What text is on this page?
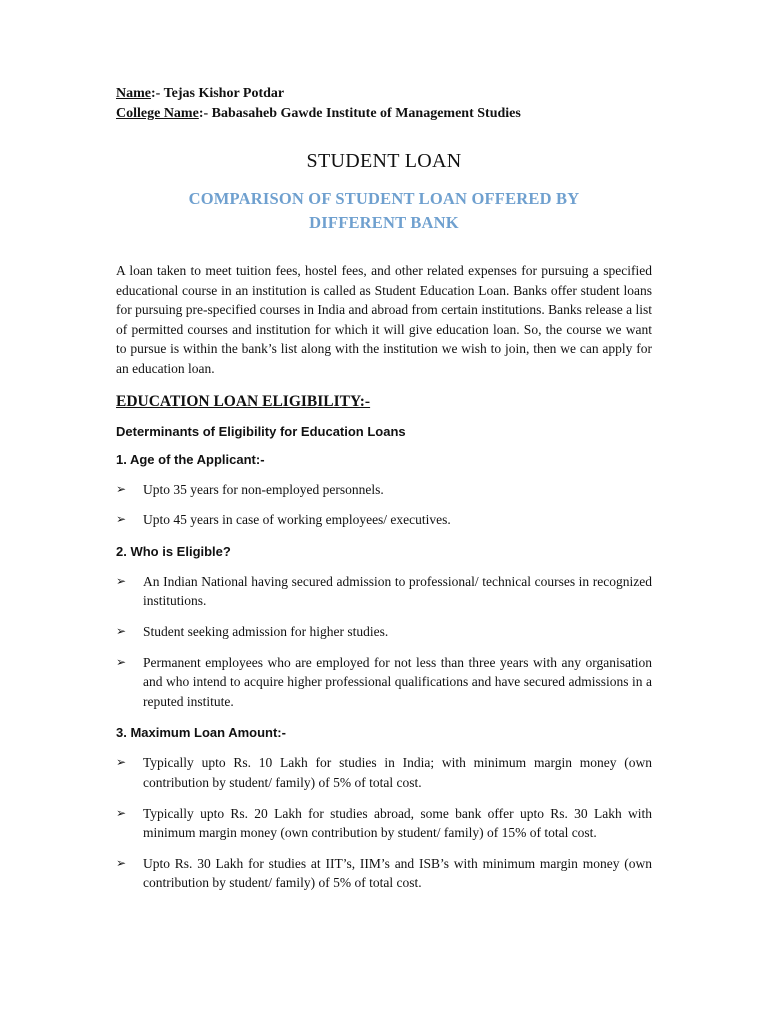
Name:- Tejas Kishor Potdar

College Name:- Babasaheb Gawde Institute of Management Studies

STUDENT LOAN
COMPARISON OF STUDENT LOAN OFFERED BY
DIFFERENT BANK

A loan taken to meet tuition fees, hostel fees, and other related expenses for pursuing a specified educational course in an institution is called as Student Education Loan. Banks offer student loans for pursuing pre-specified courses in India and abroad from certain institutions. Banks release a list of permitted courses and institution for which it will give education loan. So, the course we want to pursue is within the bank’s list along with the institution we wish to join, then we can apply for an education loan.

EDUCATION LOAN ELIGIBILITY:-

Determinants of Eligibility for Education Loans

1. Age of the Applicant:-

➢ Upto 35 years for non-employed personnels.
➢ Upto 45 years in case of working employees/ executives.

2. Who is Eligible?

➢ An Indian National having secured admission to professional/ technical courses in recognized institutions.
➢ Student seeking admission for higher studies.
➢ Permanent employees who are employed for not less than three years with any organisation and who intend to acquire higher professional qualifications and have secured admissions in a reputed institute.

3. Maximum Loan Amount:-

➢ Typically upto Rs. 10 Lakh for studies in India; with minimum margin money (own contribution by student/ family) of 5% of total cost.
➢ Typically upto Rs. 20 Lakh for studies abroad, some bank offer upto Rs. 30 Lakh with minimum margin money (own contribution by student/ family) of 15% of total cost.
➢ Upto Rs. 30 Lakh for studies at IIT’s, IIM’s and ISB’s with minimum margin money (own contribution by student/ family) of 5% of total cost.
